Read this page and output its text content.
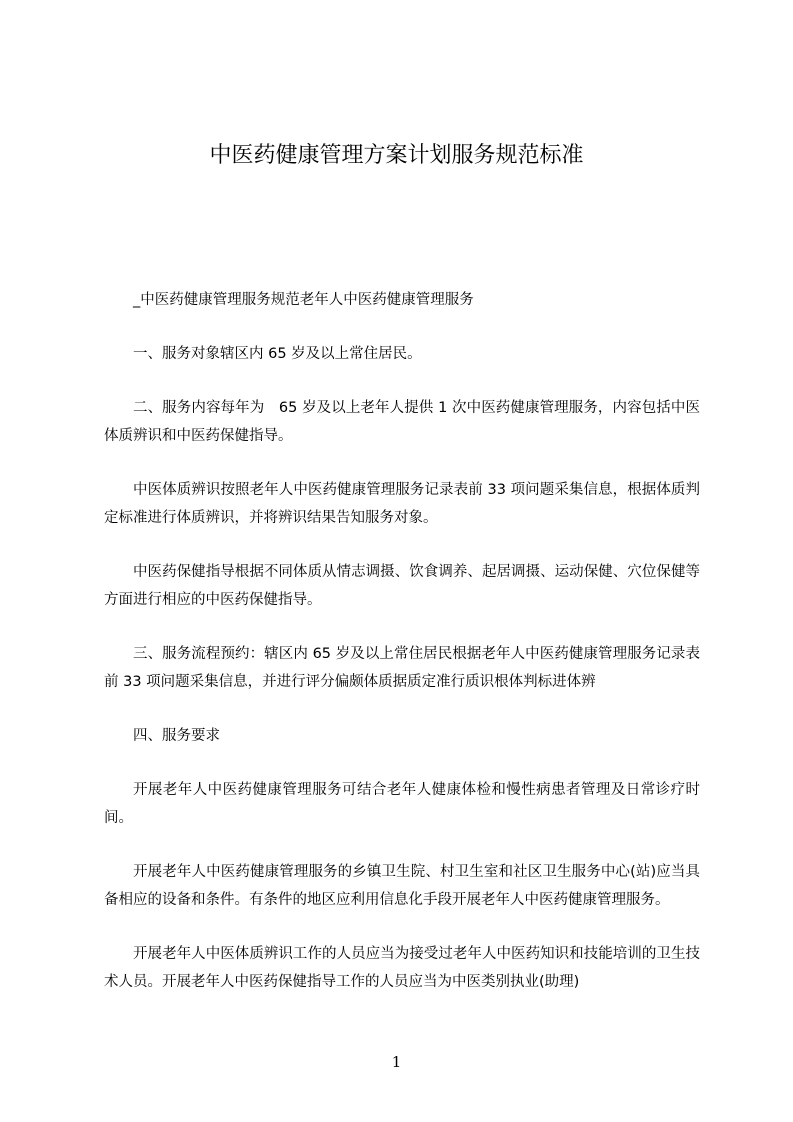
中医药健康管理方案计划服务规范标准

_中医药健康管理服务规范老年人中医药健康管理服务

一、服务对象辖区内 65 岁及以上常住居民。

二、服务内容每年为　65 岁及以上老年人提供 1 次中医药健康管理服务，内容包括中医体质辨识和中医药保健指导。

中医体质辨识按照老年人中医药健康管理服务记录表前 33 项问题采集信息，根据体质判定标准进行体质辨识，并将辨识结果告知服务对象。

中医药保健指导根据不同体质从情志调摄、饮食调养、起居调摄、运动保健、穴位保健等方面进行相应的中医药保健指导。

三、服务流程预约：辖区内 65 岁及以上常住居民根据老年人中医药健康管理服务记录表前 33 项问题采集信息，并进行评分偏颇体质据质定准行质识根体判标进体辨

四、服务要求

开展老年人中医药健康管理服务可结合老年人健康体检和慢性病患者管理及日常诊疗时间。

开展老年人中医药健康管理服务的乡镇卫生院、村卫生室和社区卫生服务中心(站)应当具备相应的设备和条件。有条件的地区应利用信息化手段开展老年人中医药健康管理服务。

开展老年人中医体质辨识工作的人员应当为接受过老年人中医药知识和技能培训的卫生技术人员。开展老年人中医药保健指导工作的人员应当为中医类别执业(助理)

1
